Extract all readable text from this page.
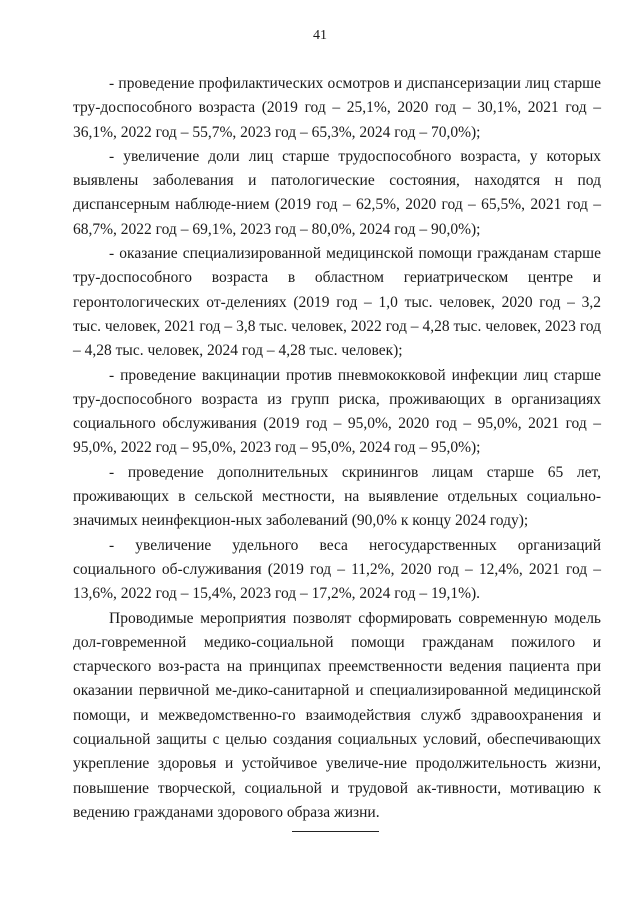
41

- проведение профилактических осмотров и диспансеризации лиц старше тру-доспособного возраста (2019 год – 25,1%, 2020 год – 30,1%, 2021 год – 36,1%, 2022 год – 55,7%, 2023 год – 65,3%, 2024 год – 70,0%);

- увеличение доли лиц старше трудоспособного возраста, у которых выявлены заболевания и патологические состояния, находятся н под диспансерным наблюде-нием (2019 год – 62,5%, 2020 год – 65,5%, 2021 год – 68,7%, 2022 год – 69,1%, 2023 год – 80,0%, 2024 год – 90,0%);

- оказание специализированной медицинской помощи гражданам старше тру-доспособного возраста в областном гериатрическом центре и геронтологических от-делениях (2019 год – 1,0 тыс. человек, 2020 год – 3,2 тыс. человек, 2021 год – 3,8 тыс. человек, 2022 год – 4,28 тыс. человек, 2023 год – 4,28 тыс. человек, 2024 год – 4,28 тыс. человек);

- проведение вакцинации против пневмококковой инфекции лиц старше тру-доспособного возраста из групп риска, проживающих в организациях социального обслуживания (2019 год – 95,0%, 2020 год – 95,0%, 2021 год – 95,0%, 2022 год – 95,0%, 2023 год – 95,0%, 2024 год – 95,0%);

- проведение дополнительных скринингов лицам старше 65 лет, проживающих в сельской местности, на выявление отдельных социально-значимых неинфекцион-ных заболеваний (90,0% к концу 2024 году);

- увеличение удельного веса негосударственных организаций социального об-служивания (2019 год – 11,2%, 2020 год – 12,4%, 2021 год – 13,6%, 2022 год – 15,4%, 2023 год – 17,2%, 2024 год – 19,1%).

Проводимые мероприятия позволят сформировать современную модель дол-говременной медико-социальной помощи гражданам пожилого и старческого воз-раста на принципах преемственности ведения пациента при оказании первичной ме-дико-санитарной и специализированной медицинской помощи, и межведомственно-го взаимодействия служб здравоохранения и социальной защиты с целью создания социальных условий, обеспечивающих укрепление здоровья и устойчивое увеличе-ние продолжительность жизни, повышение творческой, социальной и трудовой ак-тивности, мотивацию к ведению гражданами здорового образа жизни.
